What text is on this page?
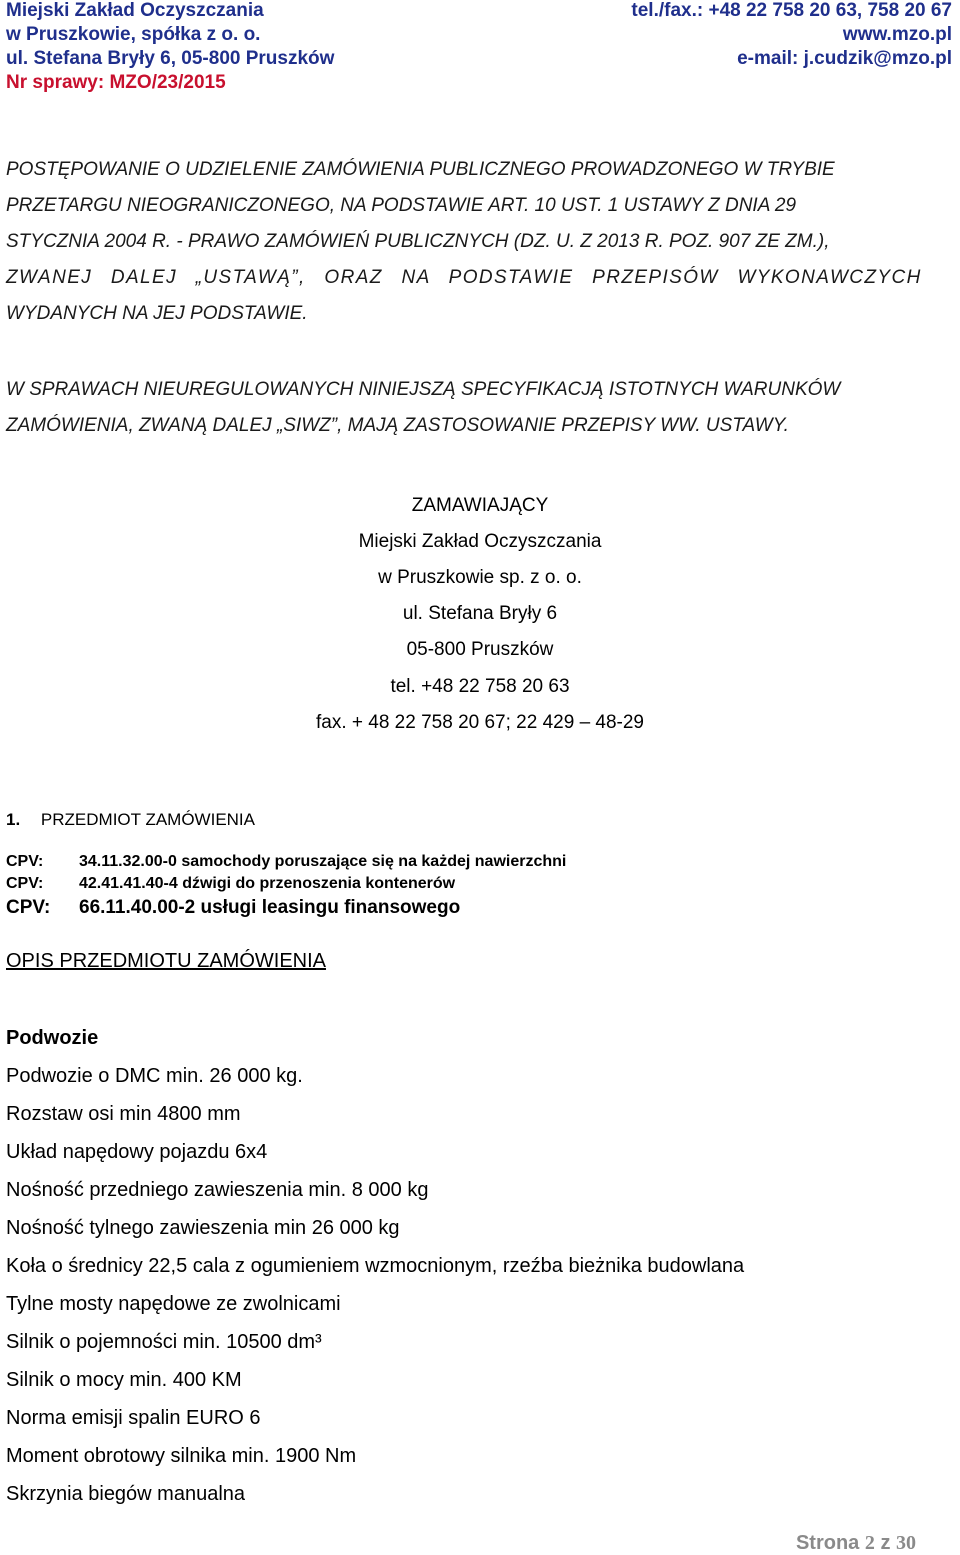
Miejski Zakład Oczyszczania
w Pruszkowie, spółka z o. o.
ul. Stefana Bryły 6, 05-800 Pruszków
Nr sprawy: MZO/23/2015
tel./fax.: +48 22 758 20 63, 758 20 67
www.mzo.pl
e-mail: j.cudzik@mzo.pl
POSTĘPOWANIE O UDZIELENIE ZAMÓWIENIA PUBLICZNEGO PROWADZONEGO W TRYBIE
PRZETARGU NIEOGRANICZONEGO, NA PODSTAWIE ART. 10 UST. 1 USTAWY Z DNIA 29
STYCZNIA 2004 R. - PRAWO ZAMÓWIEŃ PUBLICZNYCH (DZ. U. Z 2013 R. POZ. 907 ZE ZM.),
ZWANEJ DALEJ „USTAWĄ”, ORAZ NA PODSTAWIE PRZEPISÓW WYKONAWCZYCH
WYDANYCH NA JEJ PODSTAWIE.
W SPRAWACH NIEUREGULOWANYCH NINIEJSZĄ SPECYFIKACJĄ ISTOTNYCH WARUNKÓW
ZAMÓWIENIA, ZWANĄ DALEJ „SIWZ”, MAJĄ ZASTOSOWANIE PRZEPISY WW. USTAWY.
ZAMAWIAJĄCY
Miejski Zakład Oczyszczania
w Pruszkowie sp. z o. o.
ul. Stefana Bryły 6
05-800 Pruszków
tel. +48 22 758 20 63
fax. + 48 22 758 20 67; 22 429 – 48-29
1. PRZEDMIOT ZAMÓWIENIA
CPV: 34.11.32.00-0 samochody poruszające się na każdej nawierzchni
CPV: 42.41.41.40-4 dźwigi do przenoszenia kontenerów
CPV: 66.11.40.00-2 usługi leasingu finansowego
OPIS PRZEDMIOTU ZAMÓWIENIA
Podwozie
Podwozie o DMC min. 26 000 kg.
Rozstaw osi min 4800 mm
Układ napędowy pojazdu 6x4
Nośność przedniego zawieszenia min. 8 000 kg
Nośność tylnego zawieszenia min 26 000 kg
Koła o średnicy 22,5 cala z ogumieniem wzmocnionym, rzeźba bieżnika budowlana
Tylne mosty napędowe ze zwolnicami
Silnik o pojemności min. 10500 dm³
Silnik o mocy min. 400 KM
Norma emisji spalin EURO 6
Moment obrotowy silnika min. 1900 Nm
Skrzynia biegów manualna
Strona 2 z 30
